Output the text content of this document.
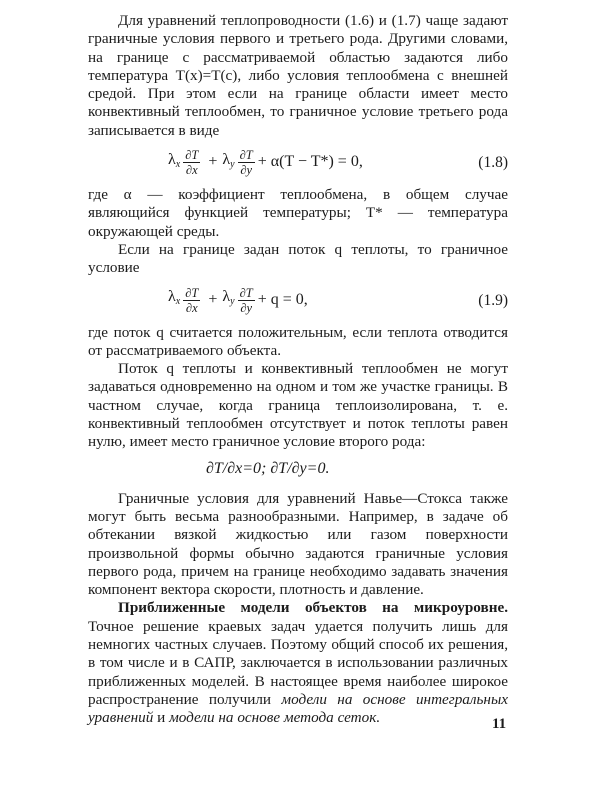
Для уравнений теплопроводности (1.6) и (1.7) чаще задают граничные условия первого и третьего рода. Другими словами, на границе с рассматриваемой областью задаются либо температура T(x)=T(c), либо условия теплообмена с внешней средой. При этом если на границе области имеет место конвективный теплообмен, то граничное условие третьего рода записывается в виде

$\lambda_x \frac{\partial T}{\partial x} + \lambda_y \frac{\partial T}{\partial y} + \alpha(T - T*) = 0$,	(1.8)

где α — коэффициент теплообмена, в общем случае являющийся функцией температуры; T* — температура окружающей среды.

Если на границе задан поток q теплоты, то граничное условие

$\lambda_x \frac{\partial T}{\partial x} + \lambda_y \frac{\partial T}{\partial y} + q = 0$,	(1.9)

где поток q считается положительным, если теплота отводится от рассматриваемого объекта.

Поток q теплоты и конвективный теплообмен не могут задаваться одновременно на одном и том же участке границы. В частном случае, когда граница теплоизолирована, т. е. конвективный теплообмен отсутствует и поток теплоты равен нулю, имеет место граничное условие второго рода:

∂T/∂x=0; ∂T/∂y=0.

Граничные условия для уравнений Навье—Стокса также могут быть весьма разнообразными. Например, в задаче об обтекании вязкой жидкостью или газом поверхности произвольной формы обычно задаются граничные условия первого рода, причем на границе необходимо задавать значения компонент вектора скорости, плотность и давление.

Приближенные модели объектов на микроуровне. Точное решение краевых задач удается получить лишь для немногих частных случаев. Поэтому общий способ их решения, в том числе и в САПР, заключается в использовании различных приближенных моделей. В настоящее время наиболее широкое распространение получили модели на основе интегральных уравнений и модели на основе метода сеток.	11
